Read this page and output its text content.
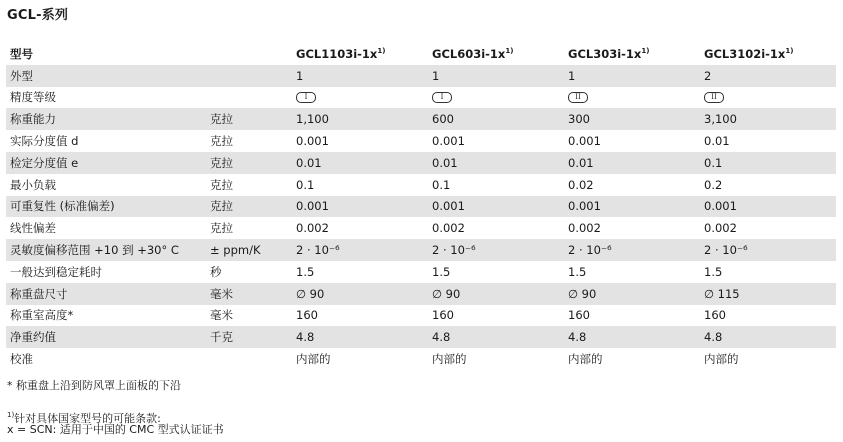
GCL-系列
型号		$GCL1103i-1x^{1)}$	$GCL603i-1x^{1)}$	$GCL303i-1x^{1)}$	$GCL3102i-1x^{1)}$
外型		1	1	1	2
精度等级		I	I	II	II
称重能力	克拉	1,100	600	300	3,100
实际分度值 d	克拉	0.001	0.001	0.001	0.01
检定分度值 e	克拉	0.01	0.01	0.01	0.1
最小负载	克拉	0.1	0.1	0.02	0.2
可重复性 (标准偏差)	克拉	0.001	0.001	0.001	0.001
线性偏差	克拉	0.002	0.002	0.002	0.002
灵敏度偏移范围 +10 到 +30° C	± ppm/K	2 · 10⁻⁶	2 · 10⁻⁶	2 · 10⁻⁶	2 · 10⁻⁶
一般达到稳定耗时	秒	1.5	1.5	1.5	1.5
称重盘尺寸	毫米	∅ 90	∅ 90	∅ 90	∅ 115
称重室高度*	毫米	160	160	160	160
净重约值	千克	4.8	4.8	4.8	4.8
校准		内部的	内部的	内部的	内部的
* 称重盘上沿到防风罩上面板的下沿
$^{1)}$针对具体国家型号的可能条款:
x = SCN: 适用于中国的 CMC 型式认证证书
